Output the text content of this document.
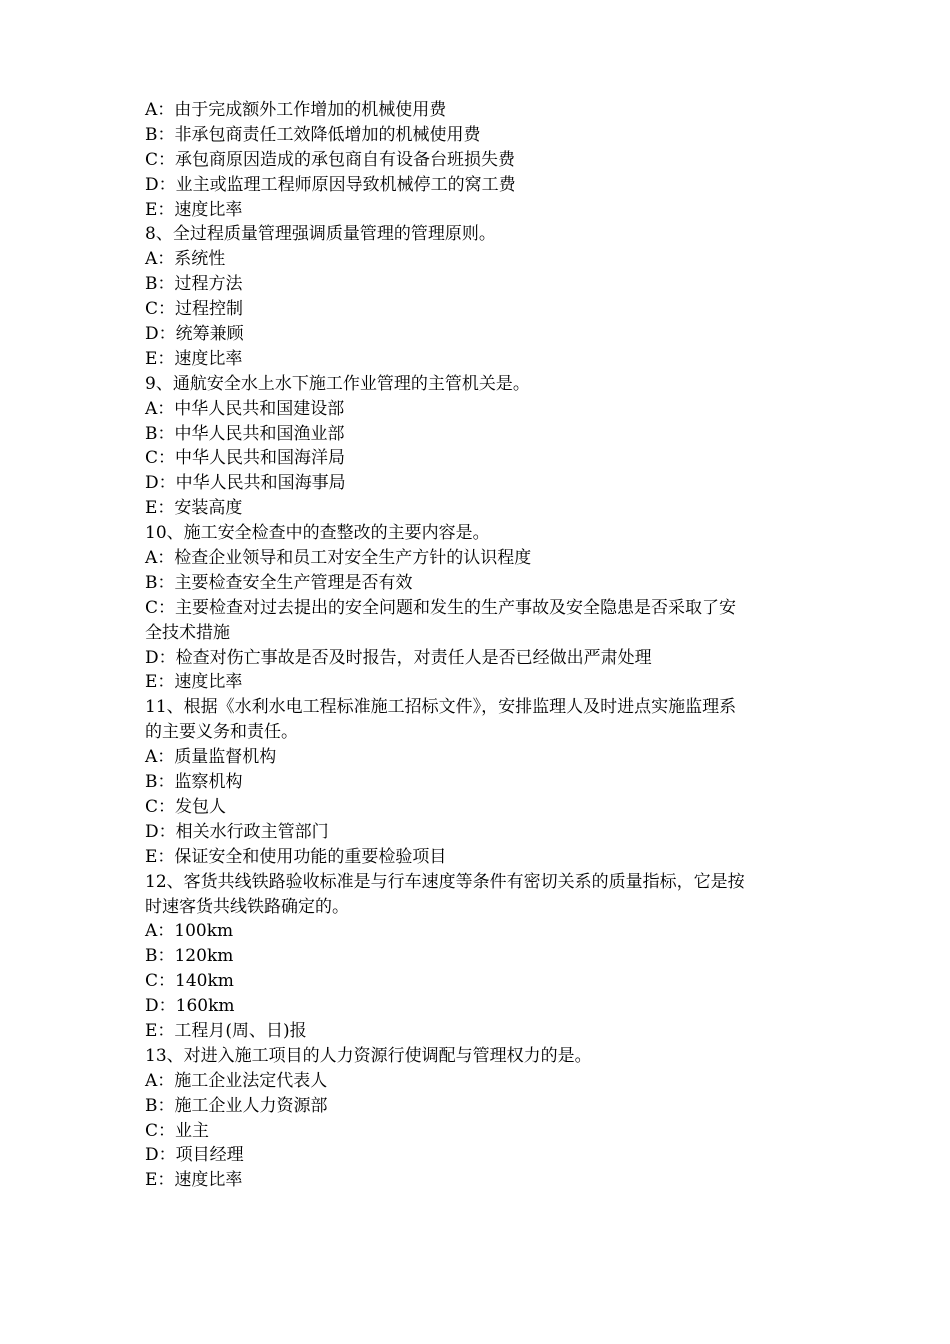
A：由于完成额外工作增加的机械使用费
B：非承包商责任工效降低增加的机械使用费
C：承包商原因造成的承包商自有设备台班损失费
D：业主或监理工程师原因导致机械停工的窝工费
E：速度比率
8、全过程质量管理强调质量管理的管理原则。
A：系统性
B：过程方法
C：过程控制
D：统筹兼顾
E：速度比率
9、通航安全水上水下施工作业管理的主管机关是。
A：中华人民共和国建设部
B：中华人民共和国渔业部
C：中华人民共和国海洋局
D：中华人民共和国海事局
E：安装高度
10、施工安全检查中的查整改的主要内容是。
A：检查企业领导和员工对安全生产方针的认识程度
B：主要检查安全生产管理是否有效
C：主要检查对过去提出的安全问题和发生的生产事故及安全隐患是否采取了安
全技术措施
D：检查对伤亡事故是否及时报告，对责任人是否已经做出严肃处理
E：速度比率
11、根据《水利水电工程标准施工招标文件》，安排监理人及时进点实施监理系
的主要义务和责任。
A：质量监督机构
B：监察机构
C：发包人
D：相关水行政主管部门
E：保证安全和使用功能的重要检验项目
12、客货共线铁路验收标准是与行车速度等条件有密切关系的质量指标，它是按
时速客货共线铁路确定的。
A：100km
B：120km
C：140km
D：160km
E：工程月(周、日)报
13、对进入施工项目的人力资源行使调配与管理权力的是。
A：施工企业法定代表人
B：施工企业人力资源部
C：业主
D：项目经理
E：速度比率
